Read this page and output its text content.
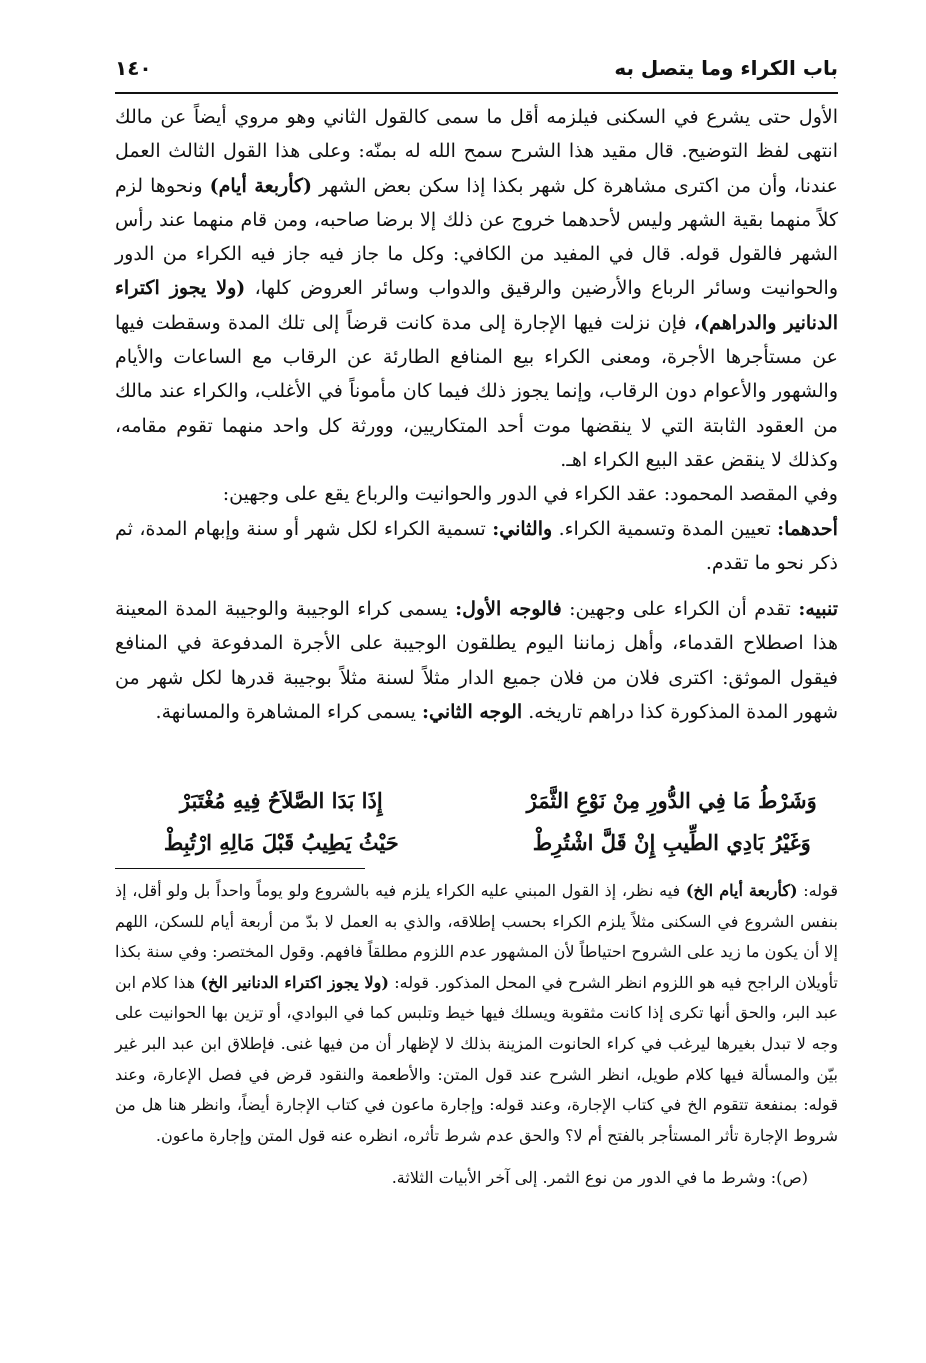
باب الكراء وما يتصل به
١٤٠

الأول حتى يشرع في السكنى فيلزمه أقل ما سمى كالقول الثاني وهو مروي أيضاً عن مالك انتهى لفظ التوضيح. قال مقيد هذا الشرح سمح الله له بمنّه: وعلى هذا القول الثالث العمل عندنا، وأن من اكترى مشاهرة كل شهر بكذا إذا سكن بعض الشهر (كأربعة أيام) ونحوها لزم كلاً منهما بقية الشهر وليس لأحدهما خروج عن ذلك إلا برضا صاحبه، ومن قام منهما عند رأس الشهر فالقول قوله. قال في المفيد من الكافي: وكل ما جاز فيه جاز فيه الكراء من الدور والحوانيت وسائر الرباع والأرضين والرقيق والدواب وسائر العروض كلها، (ولا يجوز اكتراء الدنانير والدراهم)، فإن نزلت فيها الإجارة إلى مدة كانت قرضاً إلى تلك المدة وسقطت فيها عن مستأجرها الأجرة، ومعنى الكراء بيع المنافع الطارئة عن الرقاب مع الساعات والأيام والشهور والأعوام دون الرقاب، وإنما يجوز ذلك فيما كان مأموناً في الأغلب، والكراء عند مالك من العقود الثابتة التي لا ينقضها موت أحد المتكاريين، وورثة كل واحد منهما تقوم مقامه، وكذلك لا ينقض عقد البيع الكراء اهـ.

وفي المقصد المحمود: عقد الكراء في الدور والحوانيت والرباع يقع على وجهين:

أحدهما: تعيين المدة وتسمية الكراء. والثاني: تسمية الكراء لكل شهر أو سنة وإبهام المدة، ثم ذكر نحو ما تقدم.

تنبيه: تقدم أن الكراء على وجهين: فالوجه الأول: يسمى كراء الوجيبة والوجيبة المدة المعينة هذا اصطلاح القدماء، وأهل زماننا اليوم يطلقون الوجيبة على الأجرة المدفوعة في المنافع فيقول الموثق: اكترى فلان من فلان جميع الدار مثلاً لسنة مثلاً بوجيبة قدرها لكل شهر من شهور المدة المذكورة كذا دراهم تاريخه. الوجه الثاني: يسمى كراء المشاهرة والمسانهة.

وَشَرْطُ مَا فِي الدُّورِ مِنْ نَوْعِ الثَّمَرْ
إِذَا بَدَا الصَّلاَحُ فِيهِ مُغْتَبَرْ
وَغَيْرُ بَادِي الطِّيبِ إِنْ قَلَّ اشْتُرِطْ
حَيْثُ يَطِيبُ قَبْلَ مَالِهِ ارْتُبِطْ

قوله: (كأربعة أيام الخ) فيه نظر، إذ القول المبني عليه الكراء يلزم فيه بالشروع ولو يوماً واحداً بل ولو أقل، إذ بنفس الشروع في السكنى مثلاً يلزم الكراء بحسب إطلاقه، والذي به العمل لا بدّ من أربعة أيام للسكن، اللهم إلا أن يكون ما زيد على الشروح احتياطاً لأن المشهور عدم اللزوم مطلقاً فافهم. وقول المختصر: وفي سنة بكذا تأويلان الراجح فيه هو اللزوم انظر الشرح في المحل المذكور. قوله: (ولا يجوز اكتراء الدنانير الخ) هذا كلام ابن عبد البر، والحق أنها تكرى إذا كانت مثقوبة ويسلك فيها خيط وتلبس كما في البوادي، أو تزين بها الحوانيت على وجه لا تبدل بغيرها ليرغب في كراء الحانوت المزينة بذلك لا لإظهار أن من فيها غنى. فإطلاق ابن عبد البر غير بيّن والمسألة فيها كلام طويل، انظر الشرح عند قول المتن: والأطعمة والنقود قرض في فصل الإعارة، وعند قوله: بمنفعة تتقوم الخ في كتاب الإجارة، وعند قوله: وإجارة ماعون في كتاب الإجارة أيضاً، وانظر هنا هل من شروط الإجارة تأثر المستأجر بالفتح أم لا؟ والحق عدم شرط تأثره، انظره عنه قول المتن وإجارة ماعون.

(ص): وشرط ما في الدور من نوع الثمر. إلى آخر الأبيات الثلاثة.
